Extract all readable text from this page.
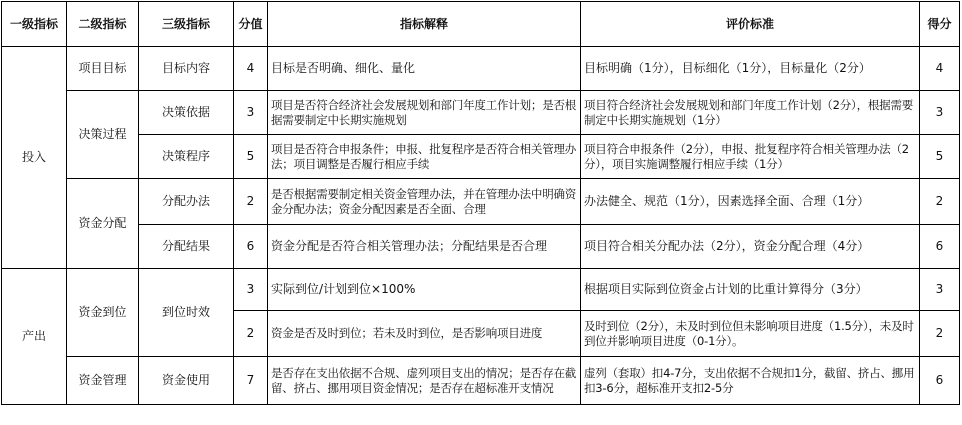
一级指标	二级指标	三级指标	分值	指标解释	评价标准	得分
投入	项目目标	目标内容	4	目标是否明确、细化、量化	目标明确（1分），目标细化（1分），目标量化（2分）	4
	决策过程	决策依据	3	项目是否符合经济社会发展规划和部门年度工作计划；是否根据需要制定中长期实施规划	项目符合经济社会发展规划和部门年度工作计划（2分），根据需要制定中长期实施规划（1分）	3
		决策程序	5	项目是否符合申报条件；申报、批复程序是否符合相关管理办法；项目调整是否履行相应手续	项目符合申报条件（2分），申报、批复程序符合相关管理办法（2分），项目实施调整履行相应手续（1分）	5
	资金分配	分配办法	2	是否根据需要制定相关资金管理办法，并在管理办法中明确资金分配办法；资金分配因素是否全面、合理	办法健全、规范（1分），因素选择全面、合理（1分）	2
		分配结果	6	资金分配是否符合相关管理办法；分配结果是否合理	项目符合相关分配办法（2分），资金分配合理（4分）	6
产出	资金到位	到位时效	3	实际到位/计划到位×100%	根据项目实际到位资金占计划的比重计算得分（3分）	3
			2	资金是否及时到位；若未及时到位，是否影响项目进度	及时到位（2分），未及时到位但未影响项目进度（1.5分），未及时到位并影响项目进度（0-1分）。	2
	资金管理	资金使用	7	是否存在支出依据不合规、虚列项目支出的情况；是否存在截留、挤占、挪用项目资金情况；是否存在超标准开支情况	虚列（套取）扣4-7分，支出依据不合规扣1分，截留、挤占、挪用扣3-6分，超标准开支扣2-5分	6
